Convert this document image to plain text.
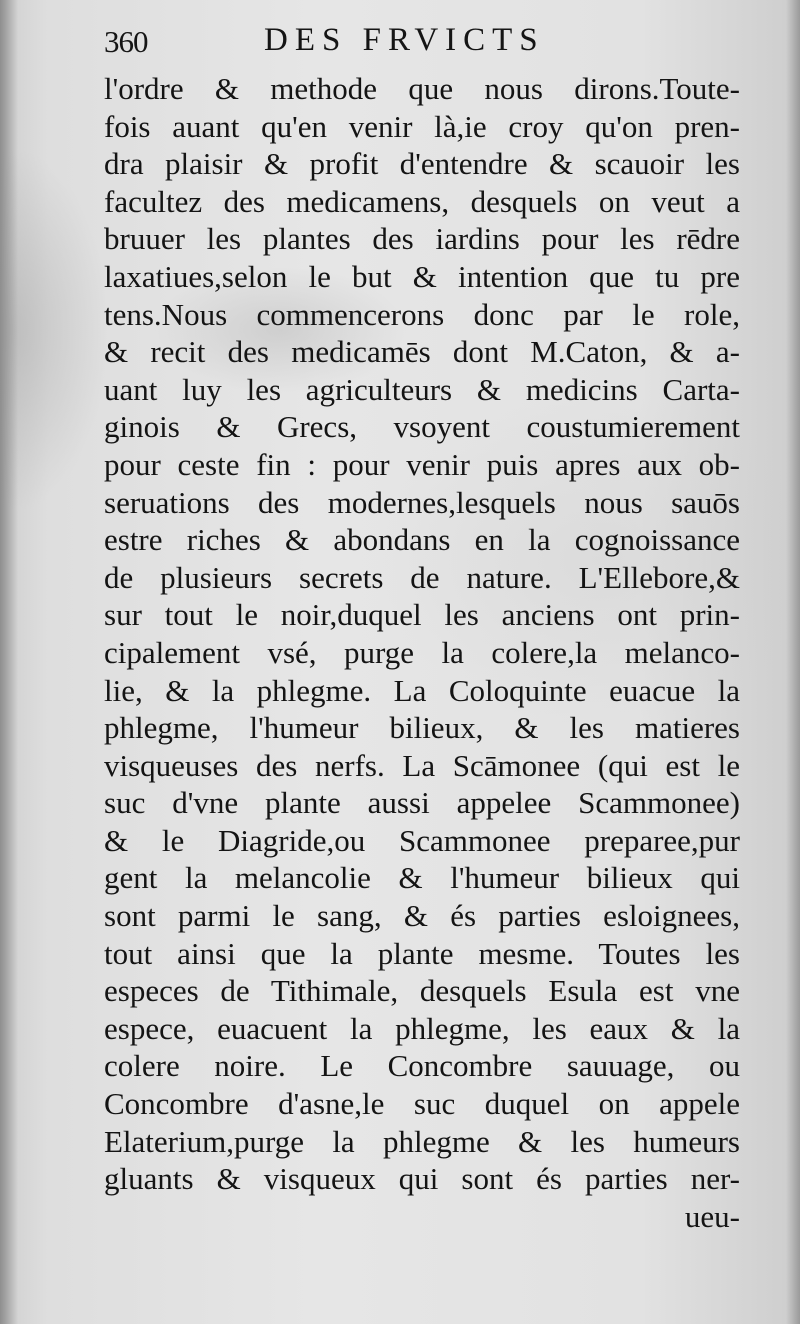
360	DES FRVICTS
l'ordre & methode que nous dirons.Toute-
fois auant qu'en venir là,ie croy qu'on pren-
dra plaisir & profit d'entendre & scauoir les
facultez des medicamens, desquels on veut a
bruuer les plantes des iardins pour les rēdre
laxatiues,selon le but & intention que tu pre
tens.Nous commencerons donc par le role,
& recit des medicamēs dont M.Caton, & a-
uant luy les agriculteurs & medicins Carta-
ginois & Grecs, vsoyent coustumierement
pour ceste fin : pour venir puis apres aux ob-
seruations des modernes,lesquels nous sauōs
estre riches & abondans en la cognoissance
de plusieurs secrets de nature. L'Ellebore,&
sur tout le noir,duquel les anciens ont prin-
cipalement vsé, purge la colere,la melanco-
lie, & la phlegme. La Coloquinte euacue la
phlegme, l'humeur bilieux, & les matieres
visqueuses des nerfs. La Scāmonee (qui est le
suc d'vne plante aussi appelee Scammonee)
& le Diagride,ou Scammonee preparee,pur
gent la melancolie & l'humeur bilieux qui
sont parmi le sang, & és parties esloignees,
tout ainsi que la plante mesme. Toutes les
especes de Tithimale, desquels Esula est vne
espece, euacuent la phlegme, les eaux & la
colere noire. Le Concombre sauuage, ou
Concombre d'asne,le suc duquel on appele
Elaterium,purge la phlegme & les humeurs
gluants & visqueux qui sont és parties ner-
ueu-
